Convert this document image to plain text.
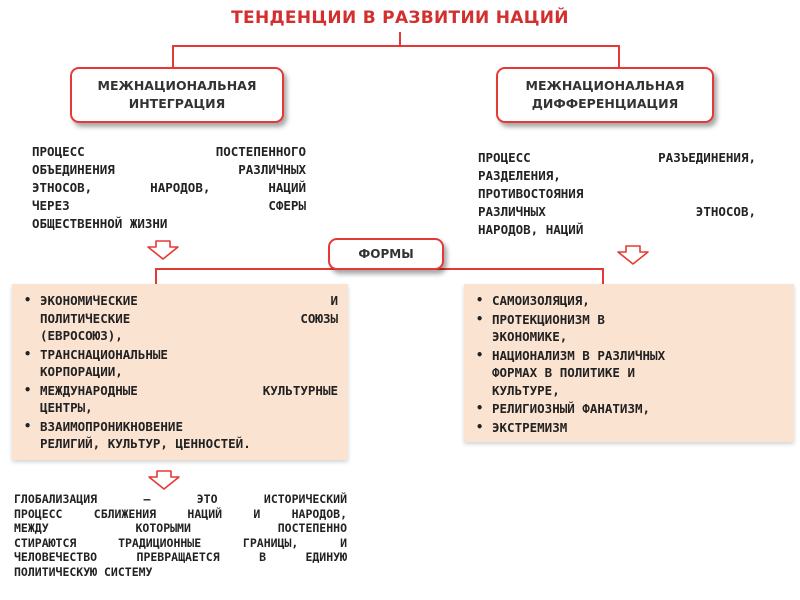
ТЕНДЕНЦИИ В РАЗВИТИИ НАЦИЙ
МЕЖНАЦИОНАЛЬНАЯ
ИНТЕГРАЦИЯ
МЕЖНАЦИОНАЛЬНАЯ
ДИФФЕРЕНЦИАЦИЯ
ПРОЦЕСС ПОСТЕПЕННОГО
ОБЪЕДИНЕНИЯ РАЗЛИЧНЫХ
ЭТНОСОВ, НАРОДОВ, НАЦИЙ
ЧЕРЕЗ СФЕРЫ
ОБЩЕСТВЕННОЙ ЖИЗНИ
ПРОЦЕСС РАЗЪЕДИНЕНИЯ,
РАЗДЕЛЕНИЯ,
ПРОТИВОСТОЯНИЯ
РАЗЛИЧНЫХ ЭТНОСОВ,
НАРОДОВ, НАЦИЙ
ФОРМЫ
• ЭКОНОМИЧЕСКИЕ И
ПОЛИТИЧЕСКИЕ СОЮЗЫ
(ЕВРОСОЮЗ),
• ТРАНСНАЦИОНАЛЬНЫЕ
КОРПОРАЦИИ,
• МЕЖДУНАРОДНЫЕ КУЛЬТУРНЫЕ
ЦЕНТРЫ,
• ВЗАИМОПРОНИКНОВЕНИЕ
РЕЛИГИЙ, КУЛЬТУР, ЦЕННОСТЕЙ.
• САМОИЗОЛЯЦИЯ,
• ПРОТЕКЦИОНИЗМ В
ЭКОНОМИКЕ,
• НАЦИОНАЛИЗМ В РАЗЛИЧНЫХ
ФОРМАХ В ПОЛИТИКЕ И
КУЛЬТУРЕ,
• РЕЛИГИОЗНЫЙ ФАНАТИЗМ,
• ЭКСТРЕМИЗМ
ГЛОБАЛИЗАЦИЯ — ЭТО ИСТОРИЧЕСКИЙ
ПРОЦЕСС СБЛИЖЕНИЯ НАЦИЙ И НАРОДОВ,
МЕЖДУ КОТОРЫМИ ПОСТЕПЕННО
СТИРАЮТСЯ ТРАДИЦИОННЫЕ ГРАНИЦЫ, И
ЧЕЛОВЕЧЕСТВО ПРЕВРАЩАЕТСЯ В ЕДИНУЮ
ПОЛИТИЧЕСКУЮ СИСТЕМУ
